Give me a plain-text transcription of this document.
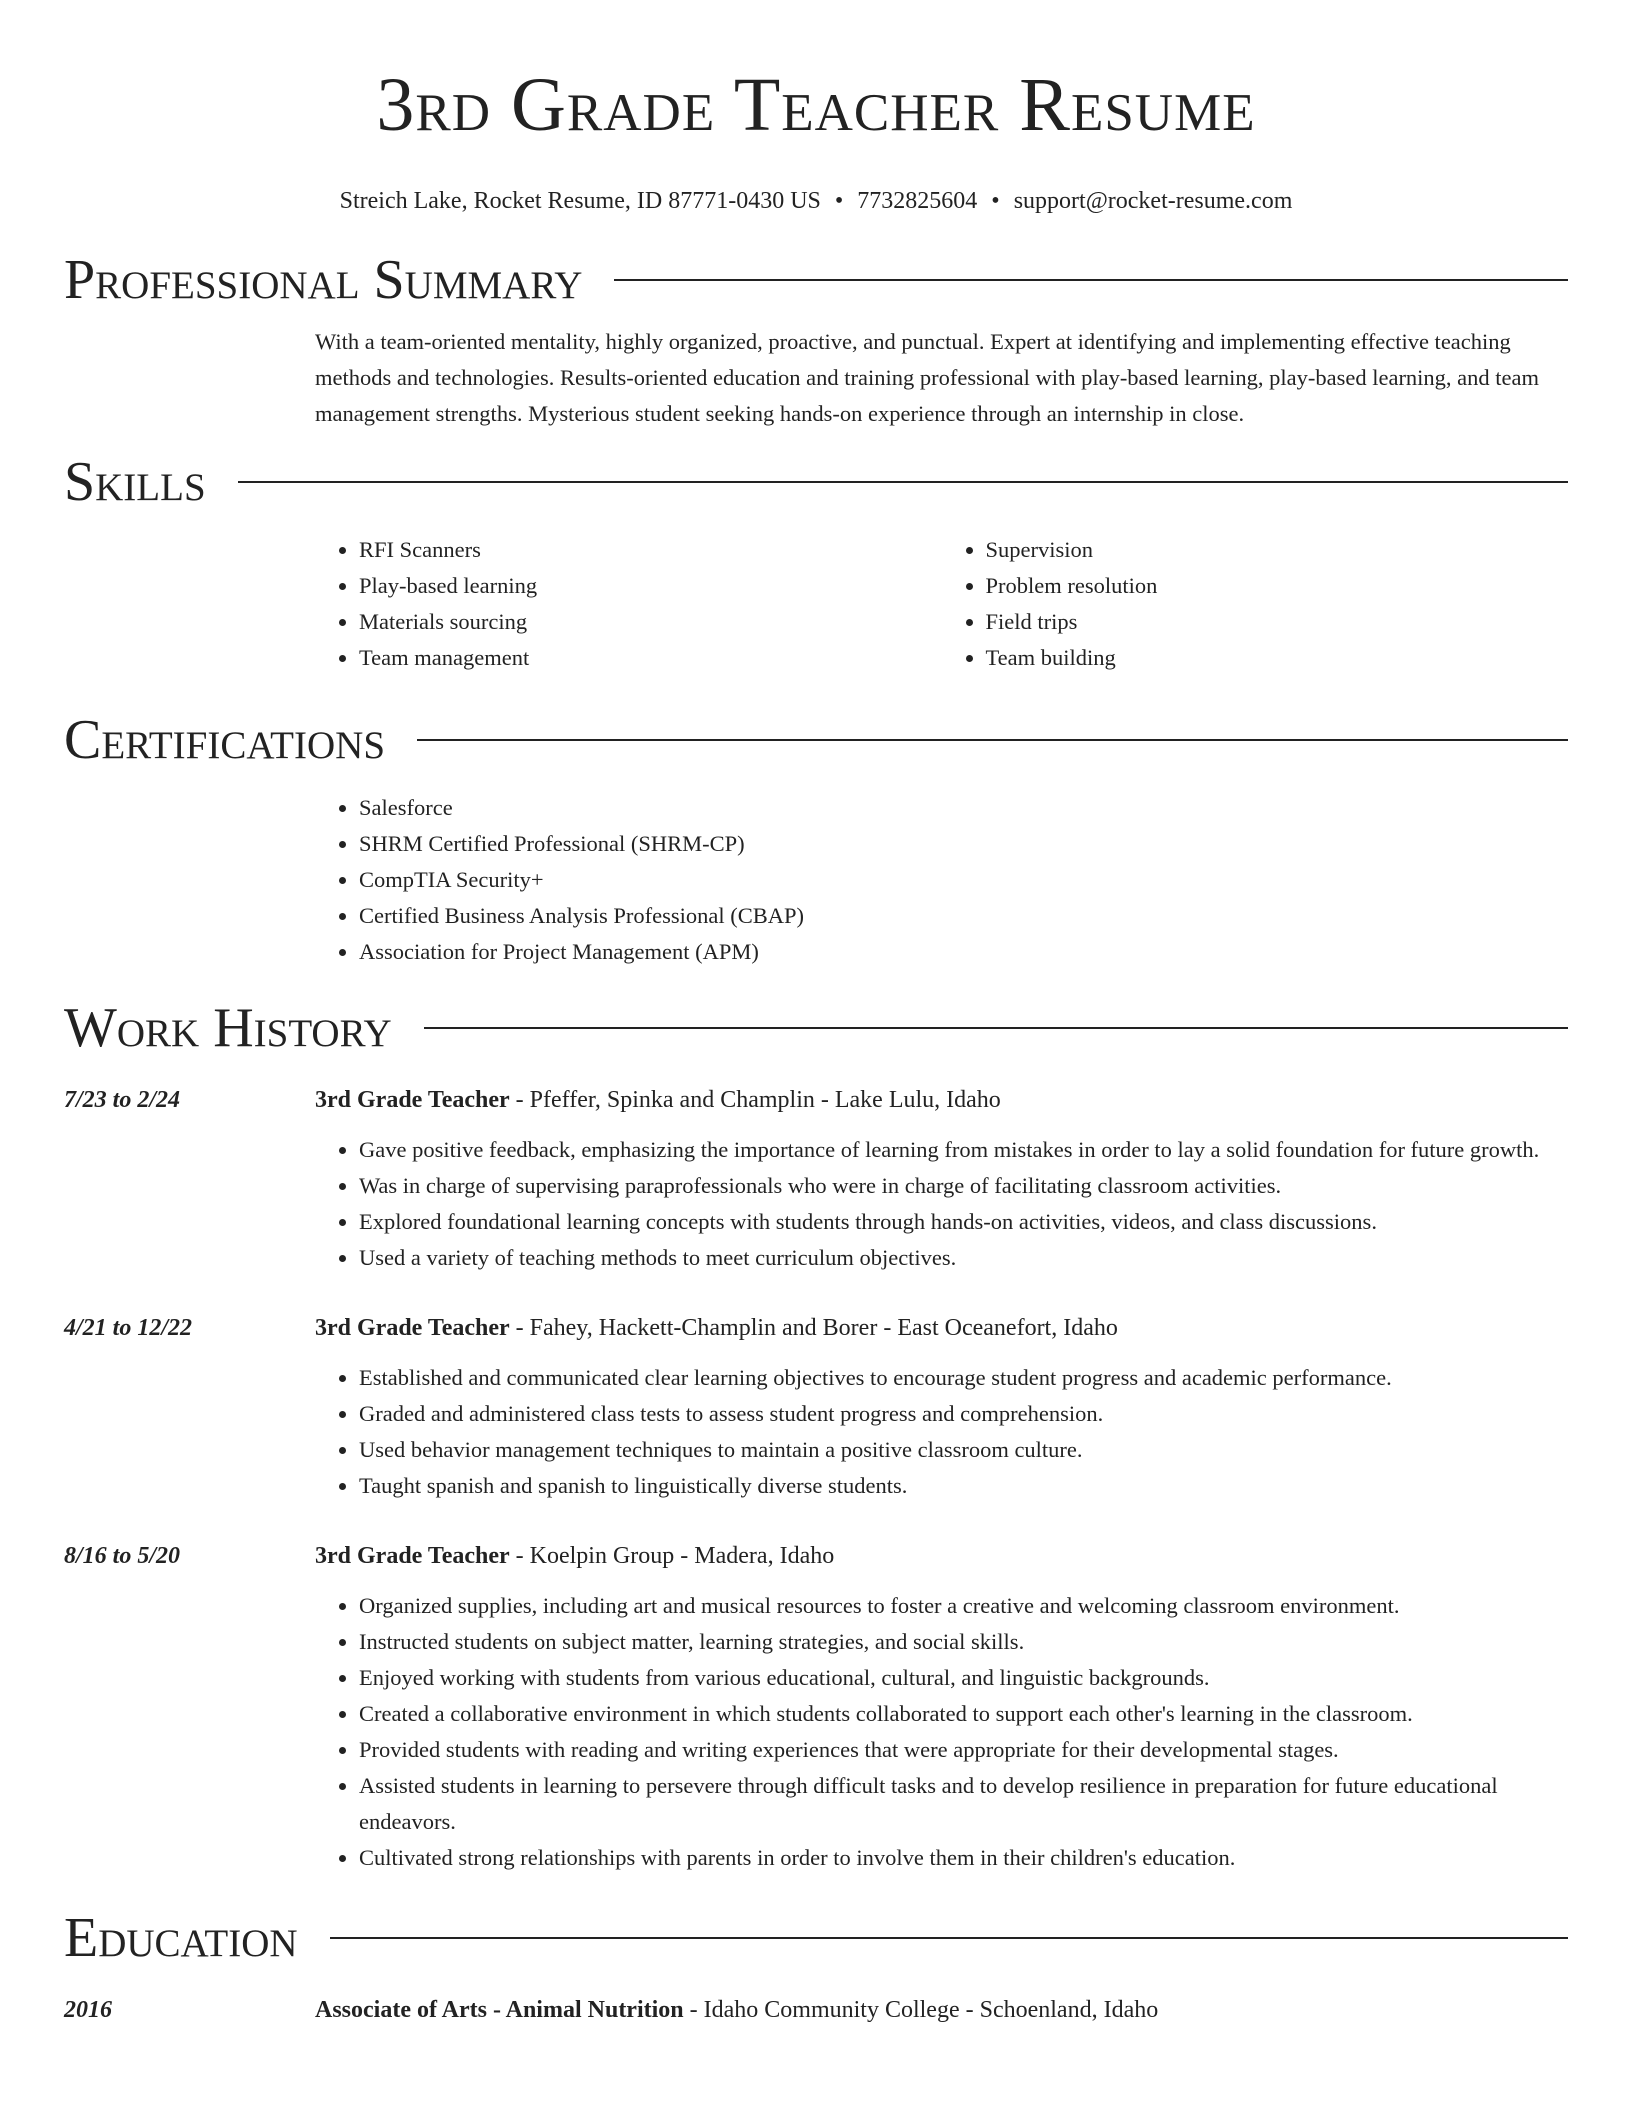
3rd Grade Teacher Resume
Streich Lake, Rocket Resume, ID 87771-0430 US • 7732825604 • support@rocket-resume.com
Professional Summary

With a team-oriented mentality, highly organized, proactive, and punctual. Expert at identifying and implementing effective teaching methods and technologies. Results-oriented education and training professional with play-based learning, play-based learning, and team management strengths. Mysterious student seeking hands-on experience through an internship in close.

Skills
• RFI Scanners
• Play-based learning
• Materials sourcing
• Team management
• Supervision
• Problem resolution
• Field trips
• Team building
Certifications
• Salesforce
• SHRM Certified Professional (SHRM-CP)
• CompTIA Security+
• Certified Business Analysis Professional (CBAP)
• Association for Project Management (APM)
Work History
7/23 to 2/24	3rd Grade Teacher - Pfeffer, Spinka and Champlin - Lake Lulu, Idaho
• Gave positive feedback, emphasizing the importance of learning from mistakes in order to lay a solid foundation for future growth.
• Was in charge of supervising paraprofessionals who were in charge of facilitating classroom activities.
• Explored foundational learning concepts with students through hands-on activities, videos, and class discussions.
• Used a variety of teaching methods to meet curriculum objectives.
4/21 to 12/22	3rd Grade Teacher - Fahey, Hackett-Champlin and Borer - East Oceanefort, Idaho
• Established and communicated clear learning objectives to encourage student progress and academic performance.
• Graded and administered class tests to assess student progress and comprehension.
• Used behavior management techniques to maintain a positive classroom culture.
• Taught spanish and spanish to linguistically diverse students.
8/16 to 5/20	3rd Grade Teacher - Koelpin Group - Madera, Idaho
• Organized supplies, including art and musical resources to foster a creative and welcoming classroom environment.
• Instructed students on subject matter, learning strategies, and social skills.
• Enjoyed working with students from various educational, cultural, and linguistic backgrounds.
• Created a collaborative environment in which students collaborated to support each other's learning in the classroom.
• Provided students with reading and writing experiences that were appropriate for their developmental stages.
• Assisted students in learning to persevere through difficult tasks and to develop resilience in preparation for future educational endeavors.
• Cultivated strong relationships with parents in order to involve them in their children's education.
Education
2016	Associate of Arts - Animal Nutrition - Idaho Community College - Schoenland, Idaho
